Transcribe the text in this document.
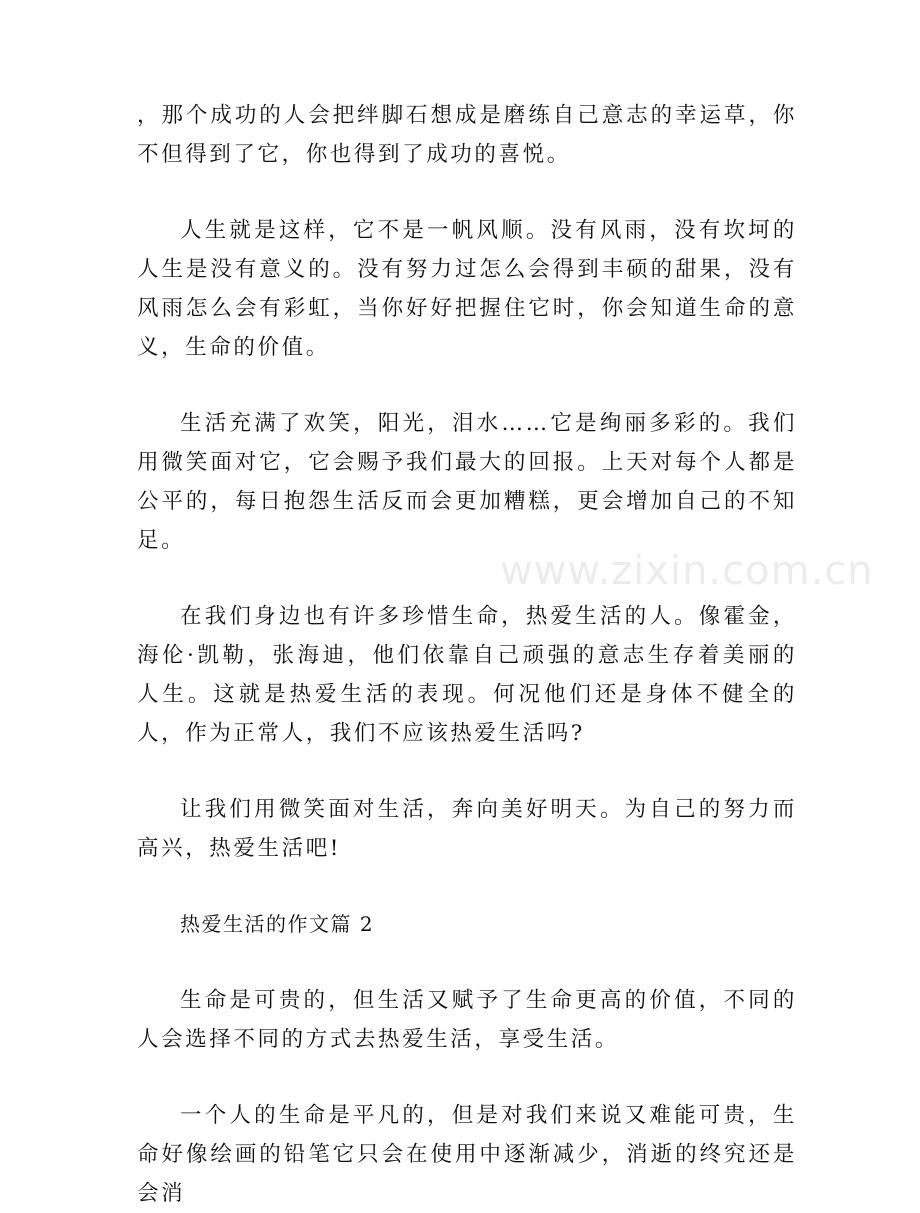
，那个成功的人会把绊脚石想成是磨练自己意志的幸运草，你不但得到了它，你也得到了成功的喜悦。

人生就是这样，它不是一帆风顺。没有风雨，没有坎坷的人生是没有意义的。没有努力过怎么会得到丰硕的甜果，没有风雨怎么会有彩虹，当你好好把握住它时，你会知道生命的意义，生命的价值。

生活充满了欢笑，阳光，泪水……它是绚丽多彩的。我们用微笑面对它，它会赐予我们最大的回报。上天对每个人都是公平的，每日抱怨生活反而会更加糟糕，更会增加自己的不知足。

在我们身边也有许多珍惜生命，热爱生活的人。像霍金，海伦·凯勒，张海迪，他们依靠自己顽强的意志生存着美丽的人生。这就是热爱生活的表现。何况他们还是身体不健全的人，作为正常人，我们不应该热爱生活吗?

让我们用微笑面对生活，奔向美好明天。为自己的努力而高兴，热爱生活吧!

热爱生活的作文篇 2

生命是可贵的，但生活又赋予了生命更高的价值，不同的人会选择不同的方式去热爱生活，享受生活。

一个人的生命是平凡的，但是对我们来说又难能可贵，生命好像绘画的铅笔它只会在使用中逐渐减少，消逝的终究还是会消

www.zixin.com.cn
